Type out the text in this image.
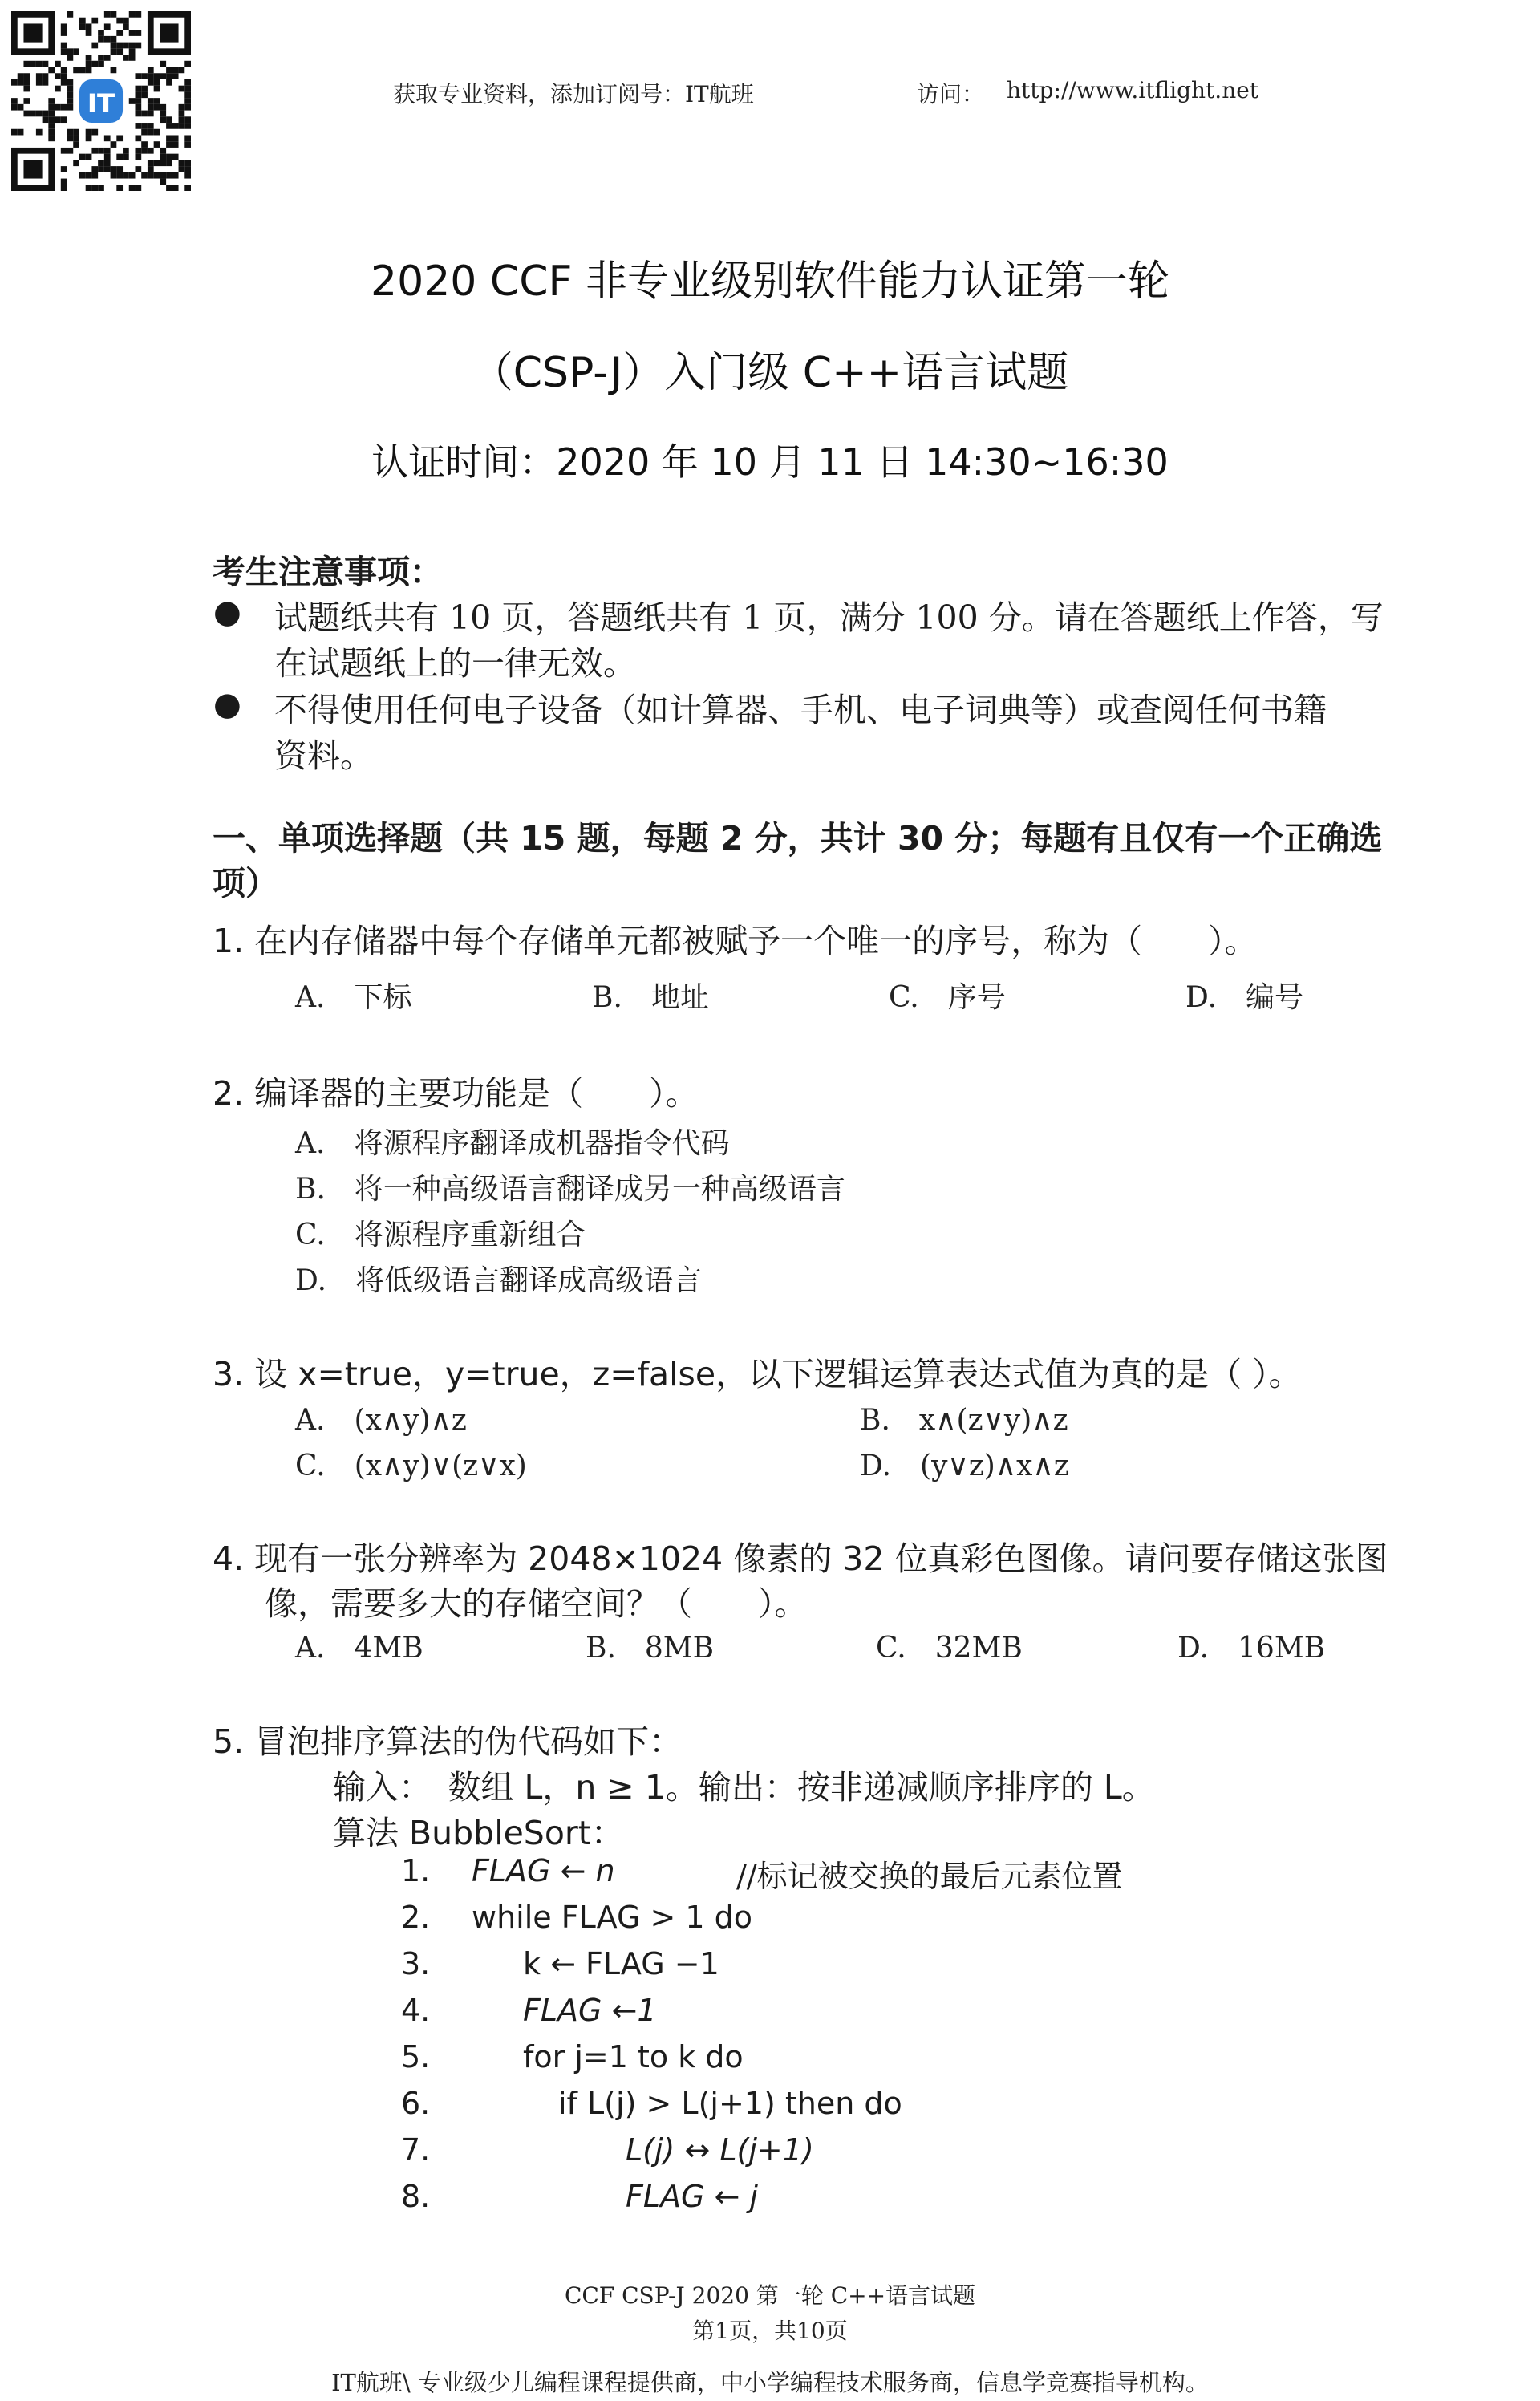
IT	获取专业资料，添加订阅号：IT航班	访问： http://www.itflight.net
2020 CCF 非专业级别软件能力认证第一轮
（CSP-J）入门级 C++语言试题
认证时间：2020 年 10 月 11 日 14:30~16:30
考生注意事项：
● 试题纸共有 10 页，答题纸共有 1 页，满分 100 分。请在答题纸上作答，写
在试题纸上的一律无效。
● 不得使用任何电子设备（如计算器、手机、电子词典等）或查阅任何书籍
资料。
一、单项选择题（共 15 题，每题 2 分，共计 30 分；每题有且仅有一个正确选
项）
1. 在内存储器中每个存储单元都被赋予一个唯一的序号，称为（　　）。
A.　下标	B.　地址	C.　序号	D.　编号
2. 编译器的主要功能是（　　）。
A.　将源程序翻译成机器指令代码
B.　将一种高级语言翻译成另一种高级语言
C.　将源程序重新组合
D.　将低级语言翻译成高级语言
3. 设 x=true，y=true，z=false，以下逻辑运算表达式值为真的是（ ）。
A.　(x∧y)∧z	B.　x∧(z∨y)∧z
C.　(x∧y)∨(z∨x)	D.　(y∨z)∧x∧z
4. 现有一张分辨率为 2048×1024 像素的 32 位真彩色图像。请问要存储这张图
像，需要多大的存储空间？（　　）。
A.　4MB	B.　8MB	C.　32MB	D.　16MB
5. 冒泡排序算法的伪代码如下：
输入：　数组 L，n ≥ 1。输出：按非递减顺序排序的 L。
算法 BubbleSort：
1. FLAG ← n	//标记被交换的最后元素位置
2. while FLAG > 1 do
3.	k ← FLAG −1
4.	FLAG ←1
5.	for j=1 to k do
6.	if L(j) > L(j+1) then do
7.	L(j) ↔ L(j+1)
8.	FLAG ← j
CCF CSP-J 2020 第一轮 C++语言试题
第1页，共10页
IT航班\ 专业级少儿编程课程提供商，中小学编程技术服务商，信息学竞赛指导机构。
